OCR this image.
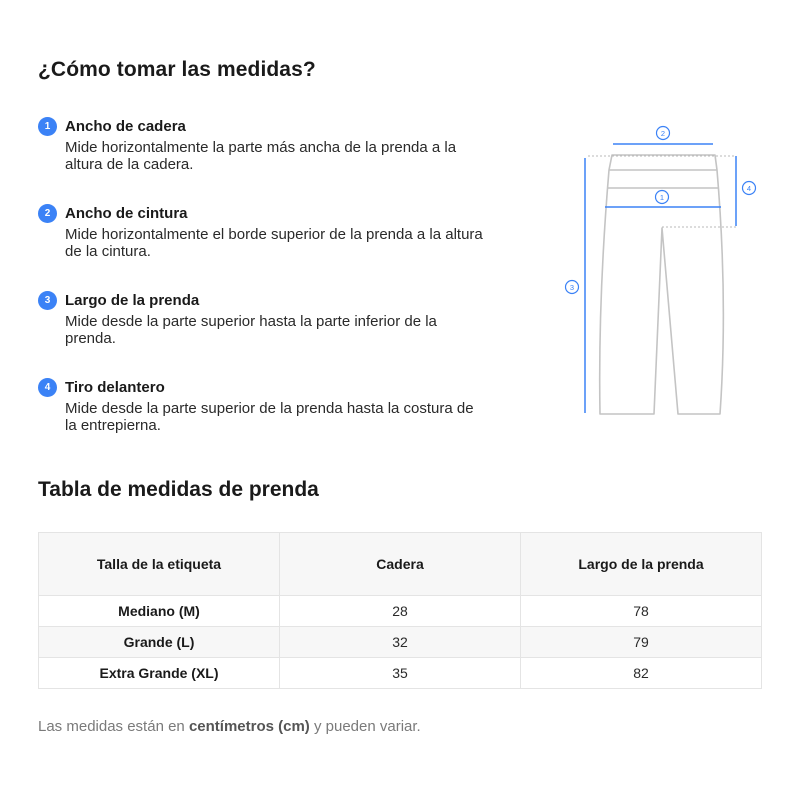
¿Cómo tomar las medidas?
1 Ancho de cadera

Mide horizontalmente la parte más ancha de la prenda a la altura de la cadera.

2 Ancho de cintura

Mide horizontalmente el borde superior de la prenda a la altura de la cintura.

3 Largo de la prenda

Mide desde la parte superior hasta la parte inferior de la prenda.

4 Tiro delantero

Mide desde la parte superior de la prenda hasta la costura de la entrepierna.

2
1
3
4
Tabla de medidas de prenda
Talla de la etiqueta	Cadera	Largo de la prenda
Mediano (M)	28	78
Grande (L)	32	79
Extra Grande (XL)	35	82

Las medidas están en centímetros (cm) y pueden variar.
